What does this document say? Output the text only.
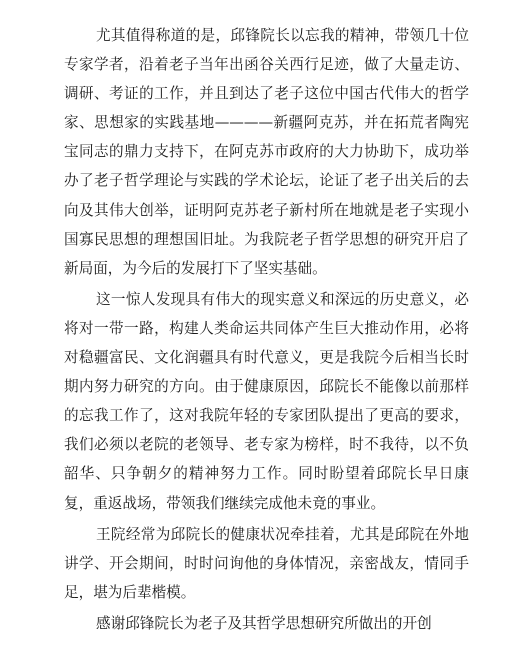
尤其值得称道的是，邱锋院长以忘我的精神，带领几十位专家学者，沿着老子当年出函谷关西行足迹，做了大量走访、调研、考证的工作，并且到达了老子这位中国古代伟大的哲学家、思想家的实践基地————新疆阿克苏，并在拓荒者陶宪宝同志的鼎力支持下，在阿克苏市政府的大力协助下，成功举办了老子哲学理论与实践的学术论坛，论证了老子出关后的去向及其伟大创举，证明阿克苏老子新村所在地就是老子实现小国寡民思想的理想国旧址。为我院老子哲学思想的研究开启了新局面，为今后的发展打下了坚实基础。

这一惊人发现具有伟大的现实意义和深远的历史意义，必将对一带一路，构建人类命运共同体产生巨大推动作用，必将对稳疆富民、文化润疆具有时代意义，更是我院今后相当长时期内努力研究的方向。由于健康原因，邱院长不能像以前那样的忘我工作了，这对我院年轻的专家团队提出了更高的要求，我们必须以老院的老领导、老专家为榜样，时不我待，以不负韶华、只争朝夕的精神努力工作。同时盼望着邱院长早日康复，重返战场，带领我们继续完成他未竟的事业。

王院经常为邱院长的健康状况牵挂着，尤其是邱院在外地讲学、开会期间，时时问询他的身体情况，亲密战友，情同手足，堪为后辈楷模。

感谢邱锋院长为老子及其哲学思想研究所做出的开创
